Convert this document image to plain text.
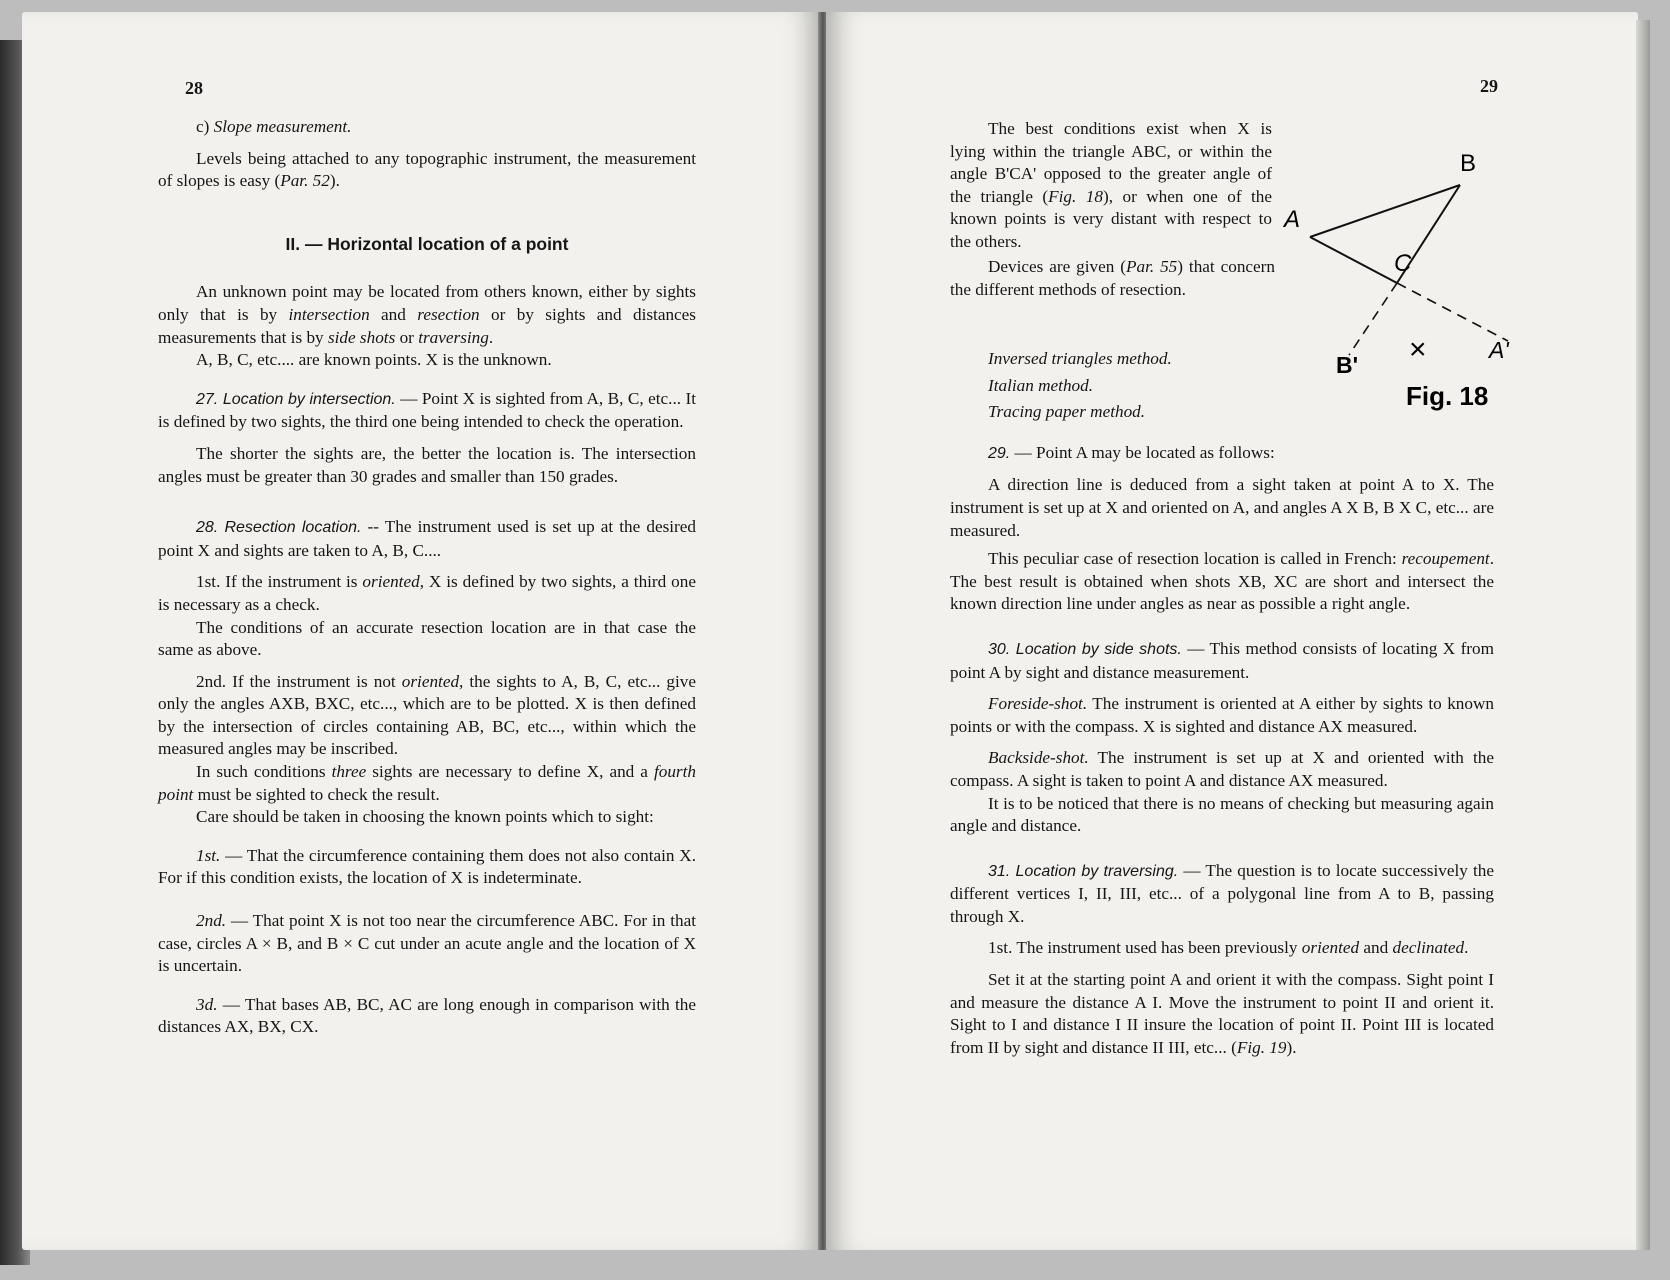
28

c) Slope measurement.

Levels being attached to any topographic instrument, the measurement of slopes is easy (Par. 52).

II. — Horizontal location of a point

An unknown point may be located from others known, either by sights only that is by intersection and resection or by sights and distances measurements that is by side shots or traversing.

A, B, C, etc.... are known points. X is the unknown.

27. Location by intersection. — Point X is sighted from A, B, C, etc... It is defined by two sights, the third one being intended to check the operation.

The shorter the sights are, the better the location is. The intersection angles must be greater than 30 grades and smaller than 150 grades.

28. Resection location. -- The instrument used is set up at the desired point X and sights are taken to A, B, C....

1st. If the instrument is oriented, X is defined by two sights, a third one is necessary as a check.

The conditions of an accurate resection location are in that case the same as above.

2nd. If the instrument is not oriented, the sights to A, B, C, etc... give only the angles AXB, BXC, etc..., which are to be plotted. X is then defined by the intersection of circles containing AB, BC, etc..., within which the measured angles may be inscribed.

In such conditions three sights are necessary to define X, and a fourth point must be sighted to check the result.

Care should be taken in choosing the known points which to sight:

1st. — That the circumference containing them does not also contain X. For if this condition exists, the location of X is indeterminate.

2nd. — That point X is not too near the circumference ABC. For in that case, circles A × B, and B × C cut under an acute angle and the location of X is uncertain.

3d. — That bases AB, BC, AC are long enough in comparison with the distances AX, BX, CX.

29

The best conditions exist when X is lying within the triangle ABC, or within the angle B'CA' opposed to the greater angle of the triangle (Fig. 18), or when one of the known points is very distant with respect to the others.

Inversed triangles method.

Italian method.

Tracing paper method.

29. — Point A may be located as follows:

A direction line is deduced from a sight taken at point A to X. The instrument is set up at X and oriented on A, and angles A X B, B X C, etc... are measured.

This peculiar case of resection location is called in French: recoupement. The best result is obtained when shots XB, XC are short and intersect the known direction line under angles as near as possible a right angle.

30. Location by side shots. — This method consists of locating X from point A by sight and distance measurement.

Foreside-shot. The instrument is oriented at A either by sights to known points or with the compass. X is sighted and distance AX measured.

Backside-shot. The instrument is set up at X and oriented with the compass. A sight is taken to point A and distance AX measured.

It is to be noticed that there is no means of checking but measuring again angle and distance.

31. Location by traversing. — The question is to locate successively the different vertices I, II, III, etc... of a polygonal line from A to B, passing through X.

1st. The instrument used has been previously oriented and declinated.

Set it at the starting point A and orient it with the compass. Sight point I and measure the distance A I. Move the instrument to point II and orient it. Sight to I and distance I II insure the location of point II. Point III is located from II by sight and distance II III, etc... (Fig. 19).

Devices are given (Par. 55) that concern the different methods of resection.

A
B
C
B'
A'
×
Fig. 18
